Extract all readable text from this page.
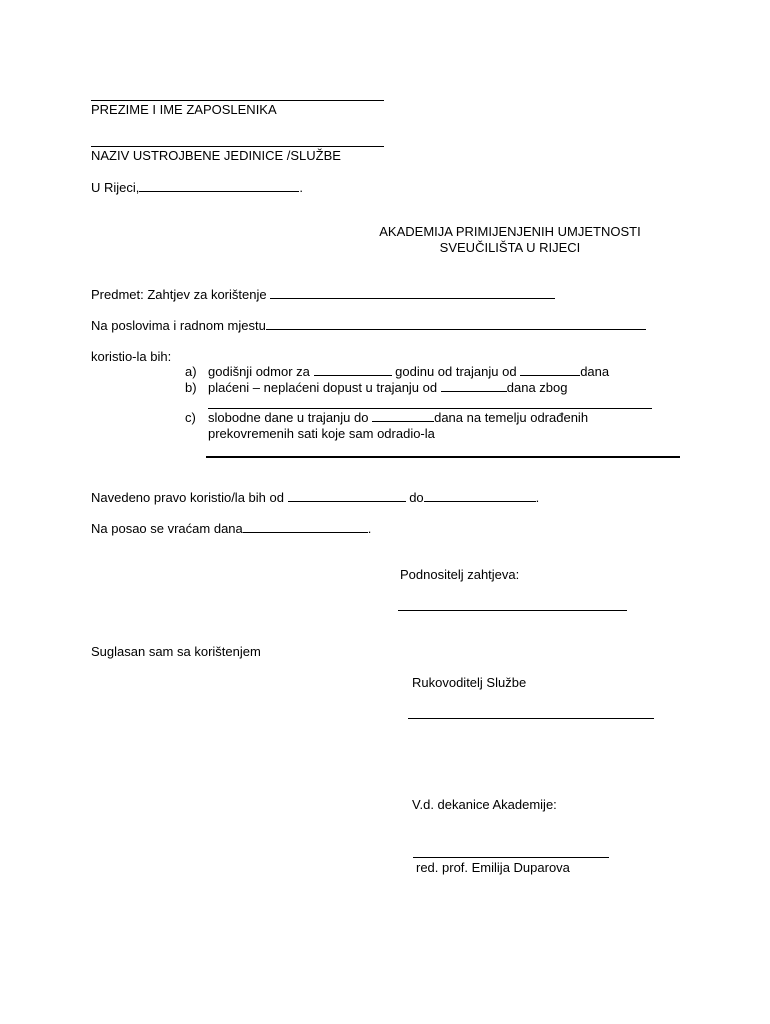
PREZIME I IME ZAPOSLENIKA
NAZIV USTROJBENE JEDINICE /SLUŽBE
U Rijeci,	.
AKADEMIJA PRIMIJENJENIH UMJETNOSTI
SVEUČILIŠTA U RIJECI
Predmet: Zahtjev za korištenje
Na poslovima i radnom mjestu
koristio-la bih:
a) godišnji odmor za	godinu od trajanju od	dana
b) plaćeni – neplaćeni dopust u trajanju od	dana zbog
c) slobodne dane u trajanju do	dana na temelju odrađenih
prekovremenih sati koje sam odradio-la
Navedeno pravo koristio/la bih od	do	.
Na posao se vraćam dana	.
Podnositelj zahtjeva:
Suglasan sam sa korištenjem
Rukovoditelj Službe
V.d. dekanice Akademije:
red. prof. Emilija Duparova
